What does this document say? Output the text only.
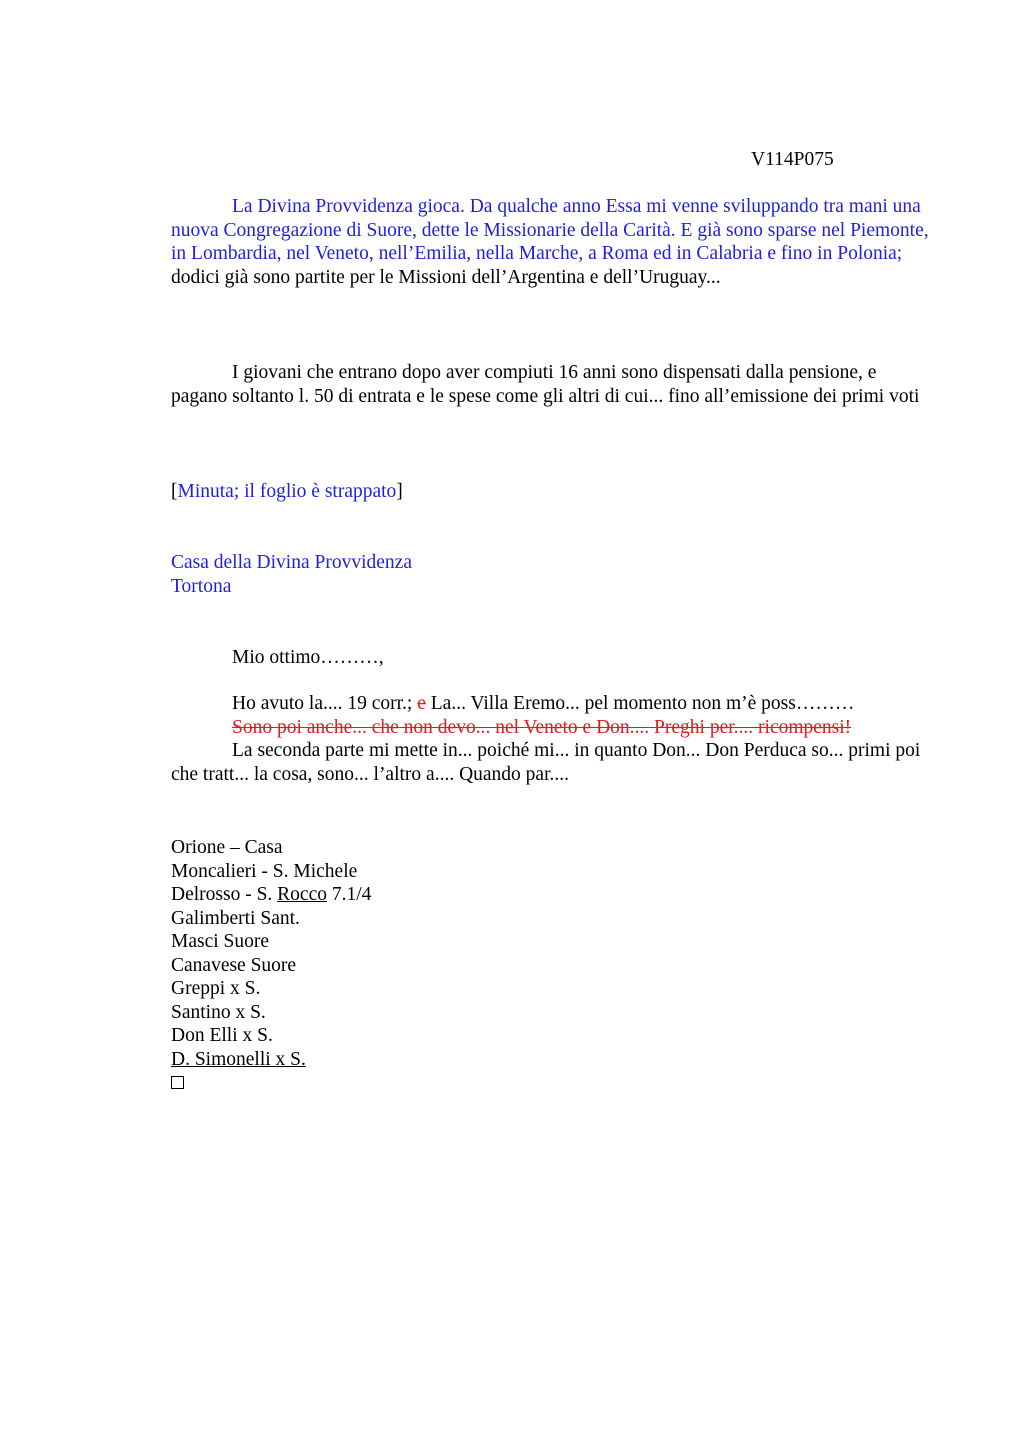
V114P075
La Divina Provvidenza gioca. Da qualche anno Essa mi venne sviluppando tra mani una nuova Congregazione di Suore, dette le Missionarie della Carità. E già sono sparse nel Piemonte, in Lombardia, nel Veneto, nell’Emilia, nella Marche, a Roma ed in Calabria e fino in Polonia; dodici già sono partite per le Missioni dell’Argentina e dell’Uruguay...
I giovani che entrano dopo aver compiuti 16 anni sono dispensati dalla pensione, e pagano soltanto l. 50 di entrata e le spese come gli altri di cui... fino all’emissione dei primi voti
[Minuta; il foglio è strappato]

Casa della Divina Provvidenza

Tortona

Mio ottimo………,

Ho avuto la.... 19 corr.; e La... Villa Eremo... pel momento non m’è poss………

Sono poi anche... che non devo... nel Veneto e Don.... Preghi per.... ricompensi!

La seconda parte mi mette in... poiché mi... in quanto Don... Don Perduca so... primi poi che tratt... la cosa, sono... l’altro a.... Quando par....

Orione – Casa

Moncalieri - S. Michele

Delrosso - S. Rocco 7.1/4

Galimberti Sant.

Masci Suore

Canavese Suore

Greppi x S.

Santino x S.

Don Elli x S.

D. Simonelli x S.
